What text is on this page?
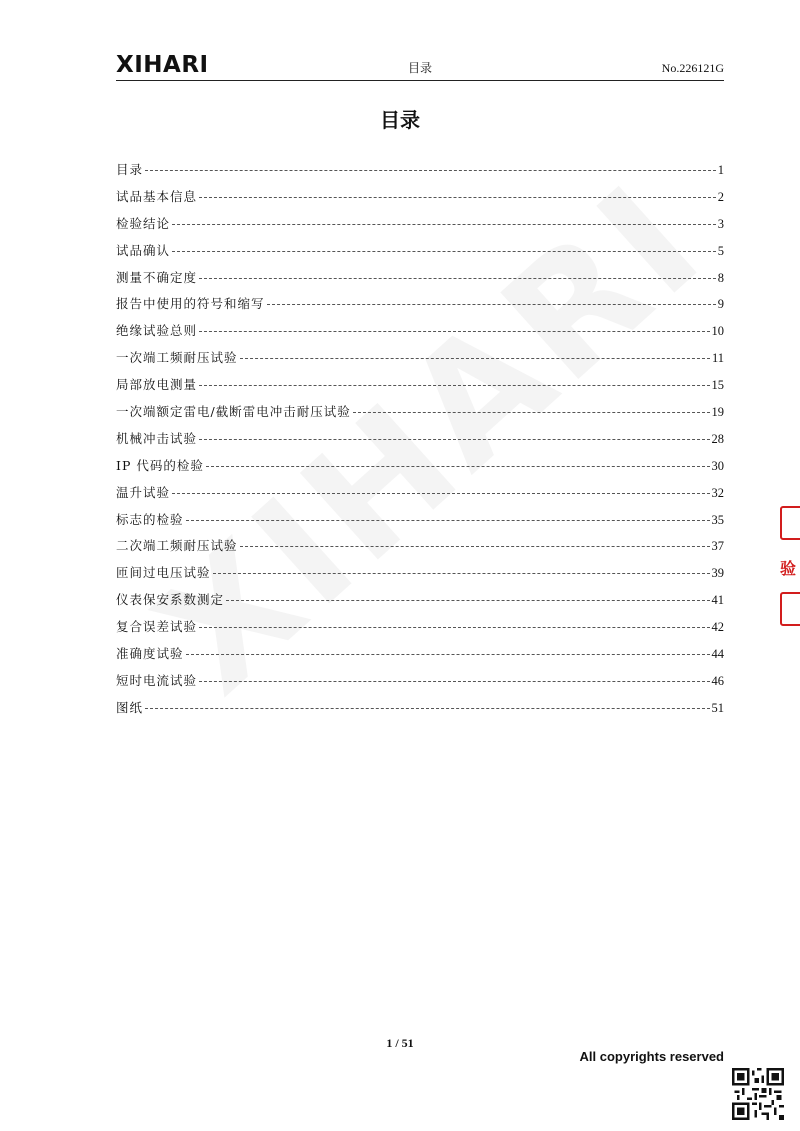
XIHARI	目录	No.226121G
目录
目录	1
试品基本信息	2
检验结论	3
试品确认	5
测量不确定度	8
报告中使用的符号和缩写	9
绝缘试验总则	10
一次端工频耐压试验	11
局部放电测量	15
一次端额定雷电/截断雷电冲击耐压试验	19
机械冲击试验	28
IP 代码的检验	30
温升试验	32
标志的检验	35
二次端工频耐压试验	37
匝间过电压试验	39
仪表保安系数测定	41
复合误差试验	42
准确度试验	44
短时电流试验	46
图纸	51
验
1 / 51
All copyrights reserved
